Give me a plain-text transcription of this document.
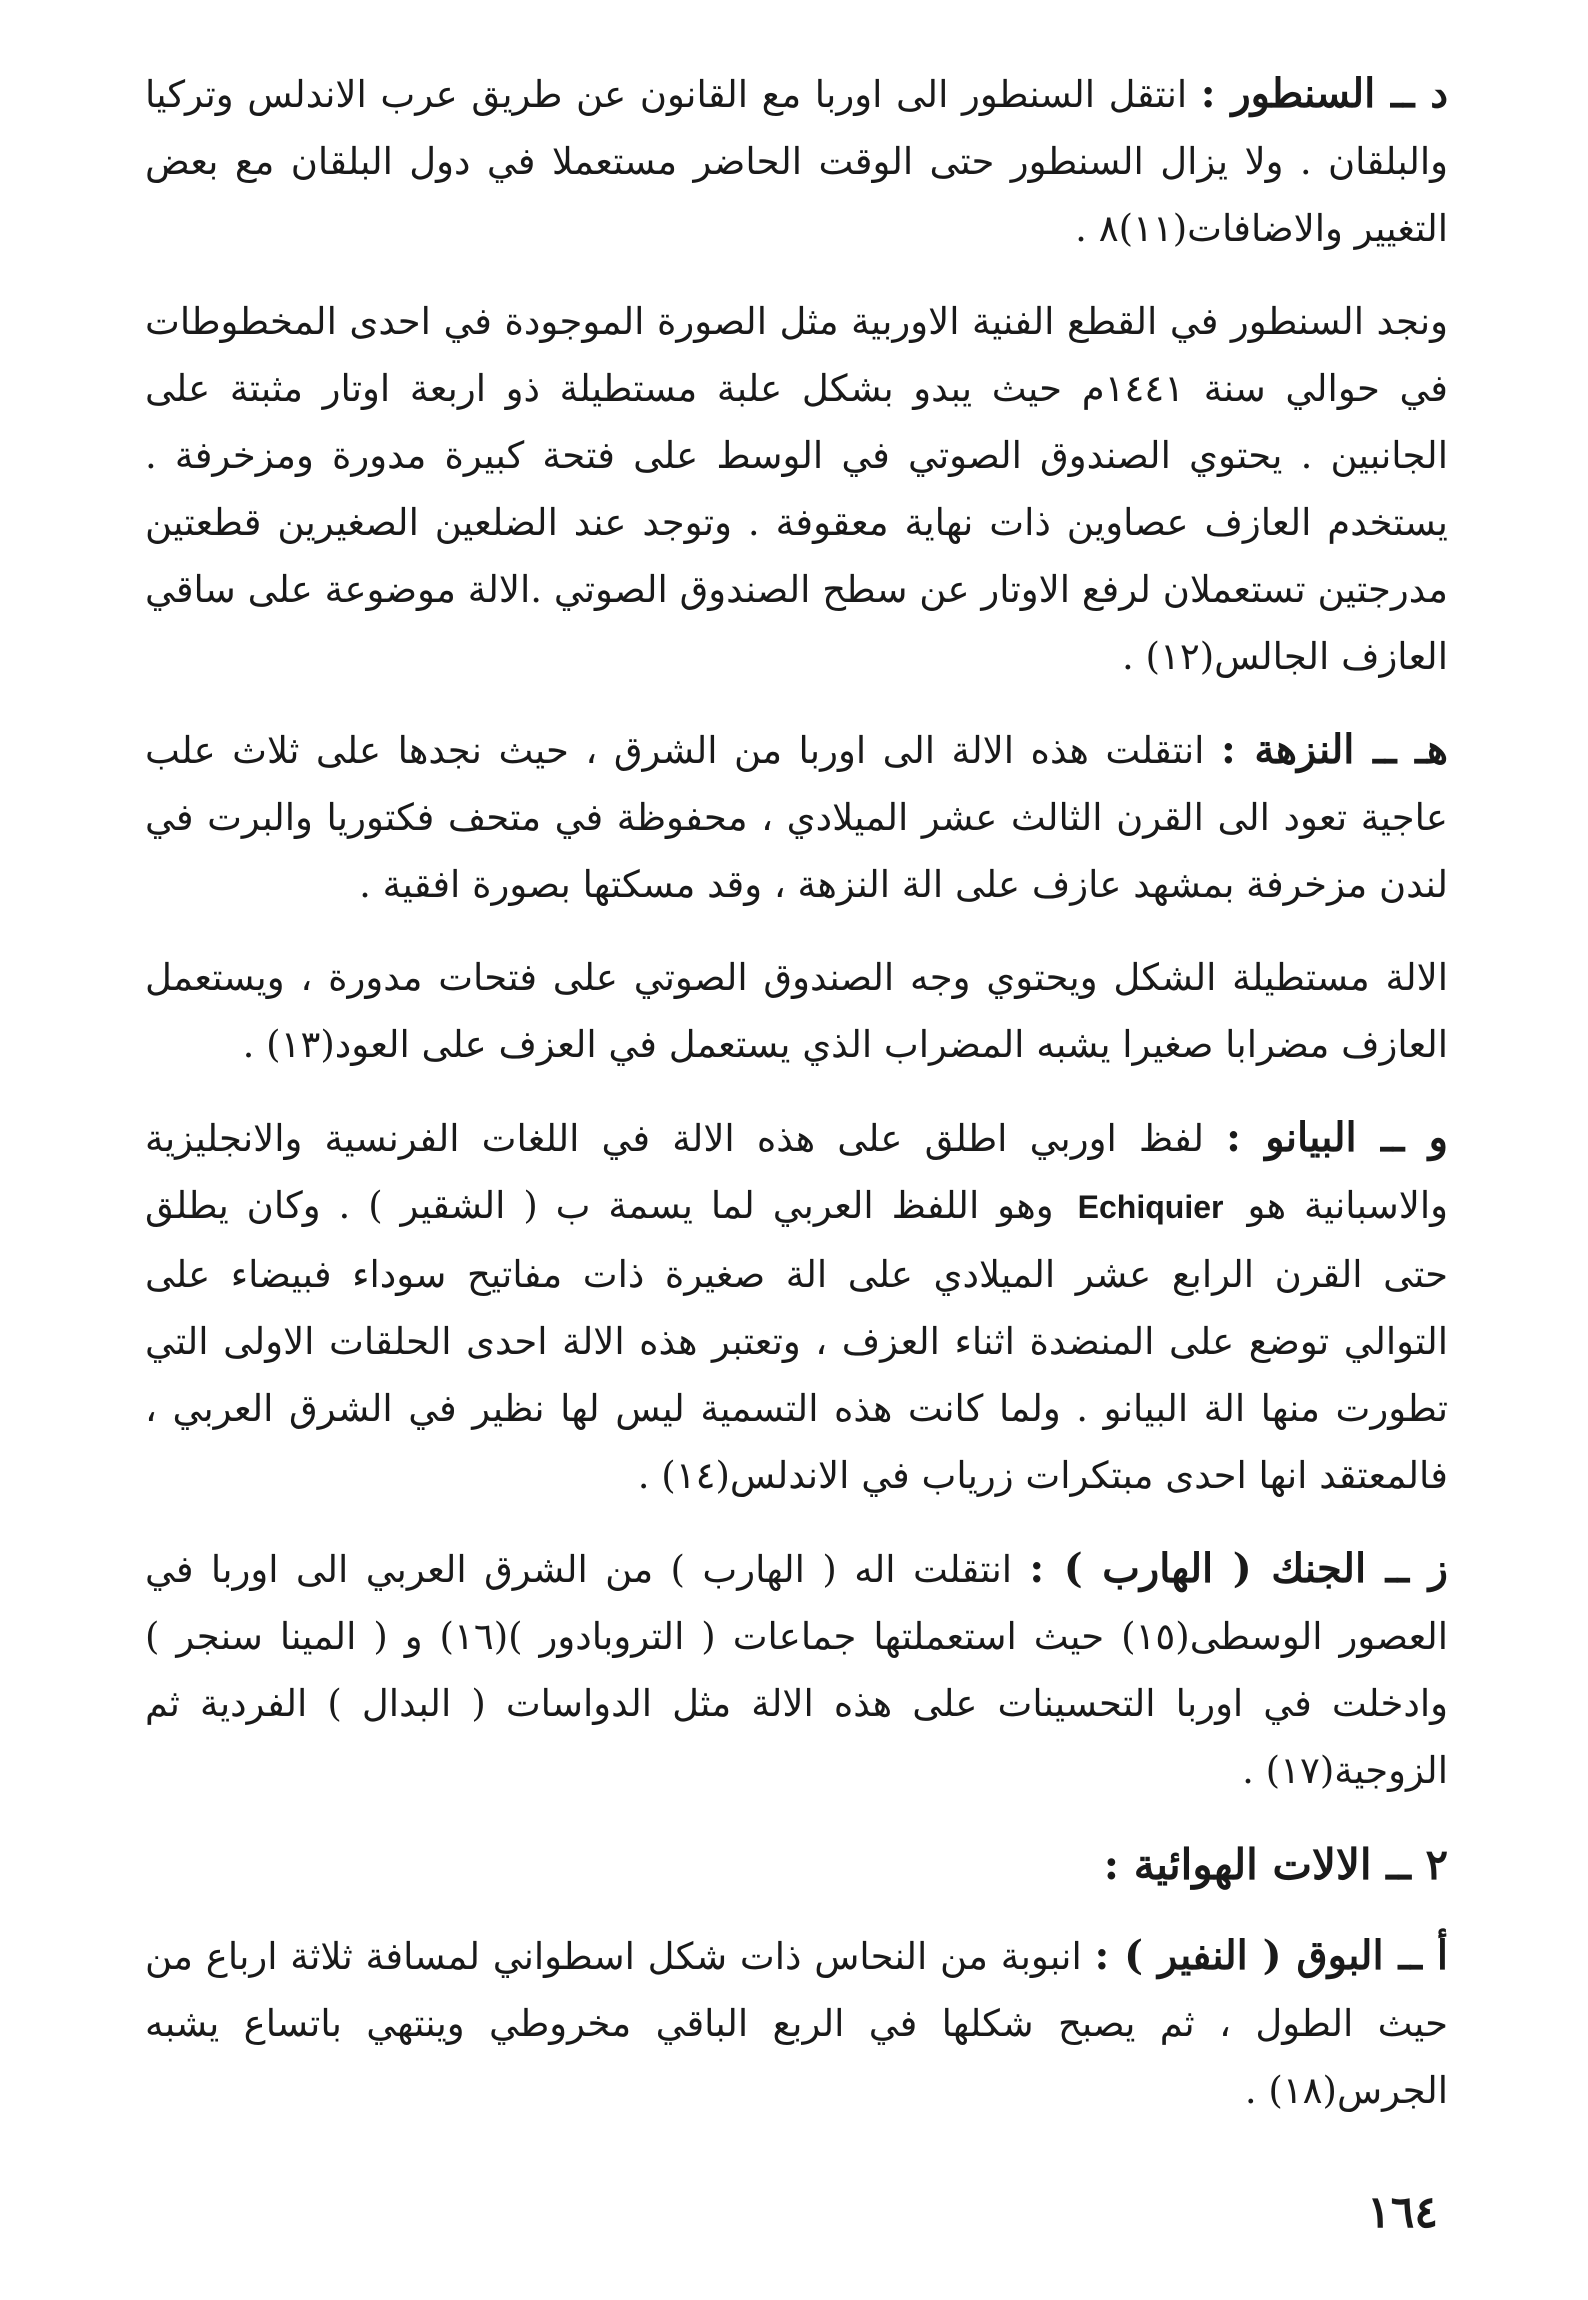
د ــ السنطور : انتقل السنطور الى اوربا مع القانون عن طريق عرب الاندلس وتركيا والبلقان . ولا يزال السنطور حتى الوقت الحاضر مستعملا في دول البلقان مع بعض التغيير والاضافات(١١)٨ .

ونجد السنطور في القطع الفنية الاوربية مثل الصورة الموجودة في احدى المخطوطات في حوالي سنة ١٤٤١م حيث يبدو بشكل علبة مستطيلة ذو اربعة اوتار مثبتة على الجانبين . يحتوي الصندوق الصوتي في الوسط على فتحة كبيرة مدورة ومزخرفة . يستخدم العازف عصاوين ذات نهاية معقوفة . وتوجد عند الضلعين الصغيرين قطعتين مدرجتين تستعملان لرفع الاوتار عن سطح الصندوق الصوتي .الالة موضوعة على ساقي العازف الجالس(١٢) .

هـ ــ النزهة : انتقلت هذه الالة الى اوربا من الشرق ، حيث نجدها على ثلاث علب عاجية تعود الى القرن الثالث عشر الميلادي ، محفوظة في متحف فكتوريا والبرت في لندن مزخرفة بمشهد عازف على الة النزهة ، وقد مسكتها بصورة افقية .

الالة مستطيلة الشكل ويحتوي وجه الصندوق الصوتي على فتحات مدورة ، ويستعمل العازف مضرابا صغيرا يشبه المضراب الذي يستعمل في العزف على العود(١٣) .

و ــ البيانو : لفظ اوربي اطلق على هذه الالة في اللغات الفرنسية والانجليزية والاسبانية هوEchiquierوهو اللفظ العربي لما يسمة ب ( الشقير ) . وكان يطلق حتى القرن الرابع عشر الميلادي على الة صغيرة ذات مفاتيح سوداء فبيضاء على التوالي توضع على المنضدة اثناء العزف ، وتعتبر هذه الالة احدى الحلقات الاولى التي تطورت منها الة البيانو . ولما كانت هذه التسمية ليس لها نظير في الشرق العربي ، فالمعتقد انها احدى مبتكرات زرياب في الاندلس(١٤) .

ز ــ الجنك ( الهارب ) : انتقلت اله ( الهارب ) من الشرق العربي الى اوربا في العصور الوسطى(١٥) حيث استعملتها جماعات ( التروبادور )(١٦) و ( المينا سنجر ) وادخلت في اوربا التحسينات على هذه الالة مثل الدواسات ( البدال ) الفردية ثم الزوجية(١٧) .

٢ ــ الالات الهوائية :

أ ــ البوق ( النفير ) : انبوبة من النحاس ذات شكل اسطواني لمسافة ثلاثة ارباع من حيث الطول ، ثم يصبح شكلها في الربع الباقي مخروطي وينتهي باتساع يشبه الجرس(١٨) .

١٦٤
